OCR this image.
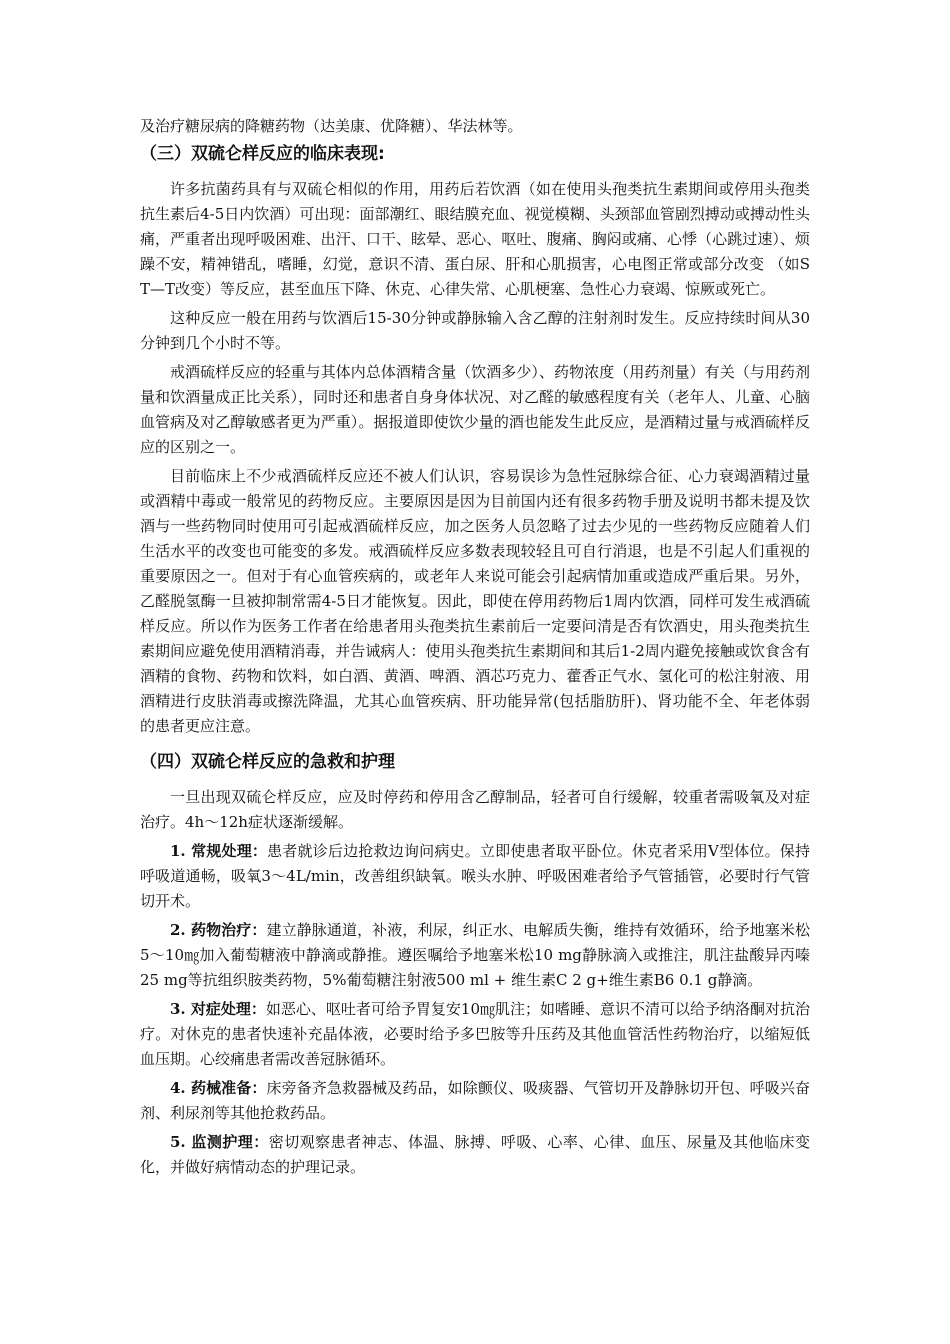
及治疗糖尿病的降糖药物（达美康、优降糖）、华法林等。
（三）双硫仑样反应的临床表现:

许多抗菌药具有与双硫仑相似的作用，用药后若饮酒（如在使用头孢类抗生素期间或停用头孢类抗生素后4-5日内饮酒）可出现：面部潮红、眼结膜充血、视觉模糊、头颈部血管剧烈搏动或搏动性头痛，严重者出现呼吸困难、出汗、口干、眩晕、恶心、呕吐、腹痛、胸闷或痛、心悸（心跳过速）、烦躁不安，精神错乱，嗜睡，幻觉，意识不清、蛋白尿、肝和心肌损害，心电图正常或部分改变 （如ST—T改变）等反应，甚至血压下降、休克、心律失常、心肌梗塞、急性心力衰竭、惊厥或死亡。

这种反应一般在用药与饮酒后15-30分钟或静脉输入含乙醇的注射剂时发生。反应持续时间从30分钟到几个小时不等。

戒酒硫样反应的轻重与其体内总体酒精含量（饮酒多少）、药物浓度（用药剂量）有关（与用药剂量和饮酒量成正比关系），同时还和患者自身身体状况、对乙醛的敏感程度有关（老年人、儿童、心脑血管病及对乙醇敏感者更为严重）。据报道即使饮少量的酒也能发生此反应，是酒精过量与戒酒硫样反应的区别之一。

目前临床上不少戒酒硫样反应还不被人们认识，容易误诊为急性冠脉综合征、心力衰竭酒精过量或酒精中毒或一般常见的药物反应。主要原因是因为目前国内还有很多药物手册及说明书都未提及饮酒与一些药物同时使用可引起戒酒硫样反应，加之医务人员忽略了过去少见的一些药物反应随着人们生活水平的改变也可能变的多发。戒酒硫样反应多数表现较轻且可自行消退，也是不引起人们重视的重要原因之一。但对于有心血管疾病的，或老年人来说可能会引起病情加重或造成严重后果。另外，乙醛脱氢酶一旦被抑制常需4-5日才能恢复。因此，即使在停用药物后1周内饮酒，同样可发生戒酒硫样反应。所以作为医务工作者在给患者用头孢类抗生素前后一定要问清是否有饮酒史，用头孢类抗生素期间应避免使用酒精消毒，并告诫病人：使用头孢类抗生素期间和其后1-2周内避免接触或饮食含有酒精的食物、药物和饮料，如白酒、黄酒、啤酒、酒芯巧克力、藿香正气水、氢化可的松注射液、用酒精进行皮肤消毒或擦洗降温，尤其心血管疾病、肝功能异常(包括脂肪肝)、肾功能不全、年老体弱的患者更应注意。

（四）双硫仑样反应的急救和护理

一旦出现双硫仑样反应，应及时停药和停用含乙醇制品，轻者可自行缓解，较重者需吸氧及对症治疗。4h～12h症状逐渐缓解。

1. 常规处理：患者就诊后边抢救边询问病史。立即使患者取平卧位。休克者采用Ⅴ型体位。保持呼吸道通畅，吸氧3～4L/min，改善组织缺氧。喉头水肿、呼吸困难者给予气管插管，必要时行气管切开术。

2. 药物治疗：建立静脉通道，补液，利尿，纠正水、电解质失衡，维持有效循环，给予地塞米松5～10㎎加入葡萄糖液中静滴或静推。遵医嘱给予地塞米松10 mg静脉滴入或推注，肌注盐酸异丙嗪25 mg等抗组织胺类药物，5%葡萄糖注射液500 ml + 维生素C 2 g+维生素B6 0.1 g静滴。

3. 对症处理：如恶心、呕吐者可给予胃复安10㎎肌注；如嗜睡、意识不清可以给予纳洛酮对抗治疗。对休克的患者快速补充晶体液，必要时给予多巴胺等升压药及其他血管活性药物治疗，以缩短低血压期。心绞痛患者需改善冠脉循环。

4. 药械准备：床旁备齐急救器械及药品，如除颤仪、吸痰器、气管切开及静脉切开包、呼吸兴奋剂、利尿剂等其他抢救药品。

5. 监测护理：密切观察患者神志、体温、脉搏、呼吸、心率、心律、血压、尿量及其他临床变化，并做好病情动态的护理记录。
